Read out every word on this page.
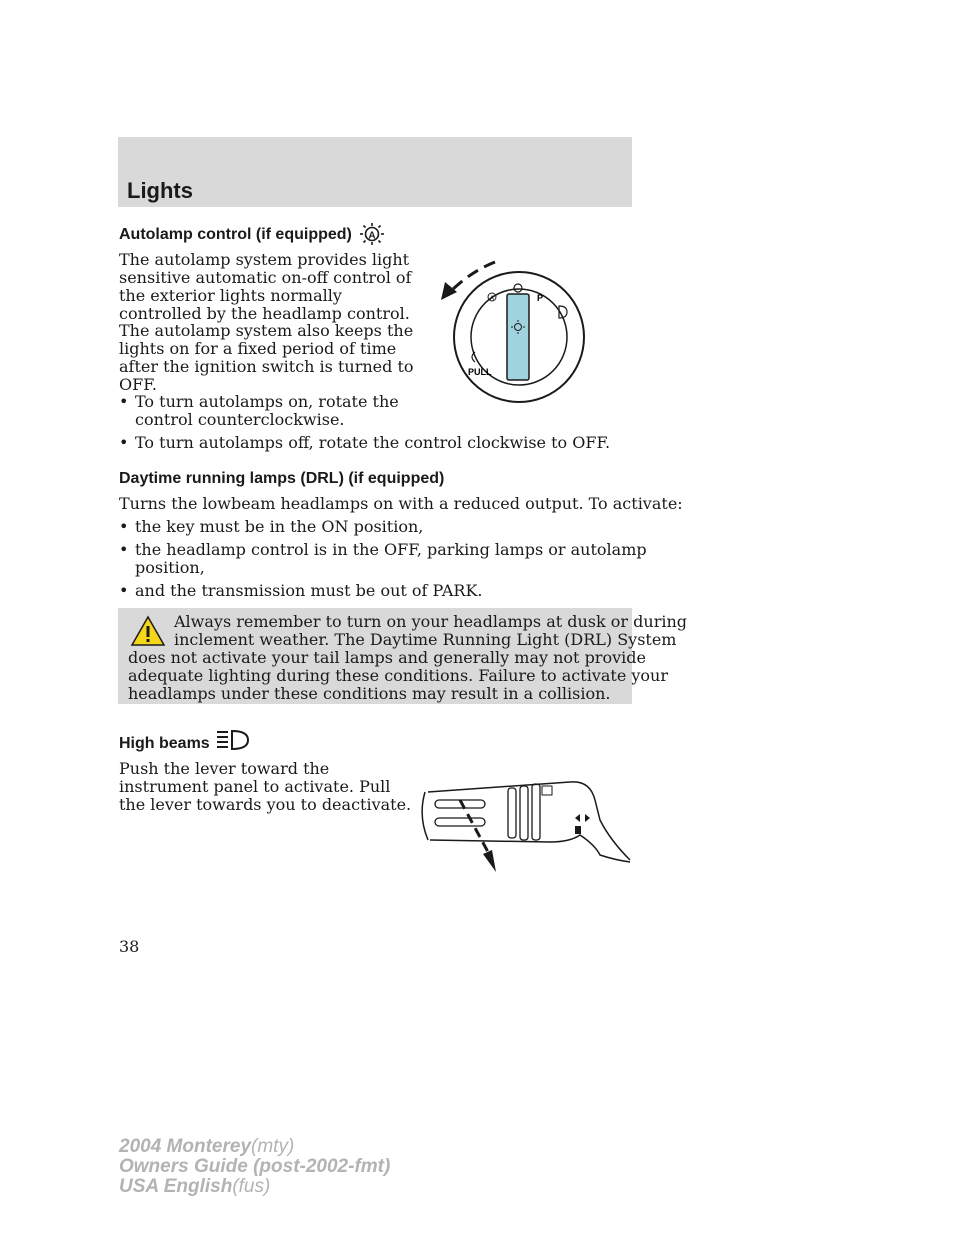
Lights
Autolamp control (if equipped) A
The autolamp system provides light
sensitive automatic on-off control of
the exterior lights normally
controlled by the headlamp control.
The autolamp system also keeps the
lights on for a fixed period of time
after the ignition switch is turned to
OFF.
• To turn autolamps on, rotate the
control counterclockwise.
• To turn autolamps off, rotate the control clockwise to OFF.
A	P
PULL
Daytime running lamps (DRL) (if equipped)
Turns the lowbeam headlamps on with a reduced output. To activate:
• the key must be in the ON position,
• the headlamp control is in the OFF, parking lamps or autolamp
position,
• and the transmission must be out of PARK.
Always remember to turn on your headlamps at dusk or during
inclement weather. The Daytime Running Light (DRL) System
does not activate your tail lamps and generally may not provide
adequate lighting during these conditions. Failure to activate your
headlamps under these conditions may result in a collision.
High beams
Push the lever toward the
instrument panel to activate. Pull
the lever towards you to deactivate.
38
2004 Monterey(mty)
Owners Guide (post-2002-fmt)
USA English(fus)
